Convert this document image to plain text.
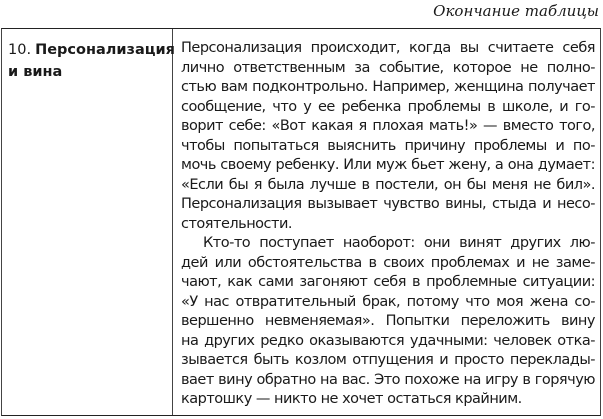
Окончание таблицы
10. Персонализация
и вина
Персонализация происходит, когда вы считаете себя
лично ответственным за событие, которое не полно-
стью вам подконтрольно. Например, женщина получает
сообщение, что у ее ребенка проблемы в школе, и го-
ворит себе: «Вот какая я плохая мать!» — вместо того,
чтобы попытаться выяснить причину проблемы и по-
мочь своему ребенку. Или муж бьет жену, а она думает:
«Если бы я была лучше в постели, он бы меня не бил».
Персонализация вызывает чувство вины, стыда и несо-
стоятельности.
Кто-то поступает наоборот: они винят других лю-
дей или обстоятельства в своих проблемах и не заме-
чают, как сами загоняют себя в проблемные ситуации:
«У нас отвратительный брак, потому что моя жена со-
вершенно невменяемая». Попытки переложить вину
на других редко оказываются удачными: человек отка-
зывается быть козлом отпущения и просто переклады-
вает вину обратно на вас. Это похоже на игру в горячую
картошку — никто не хочет остаться крайним.
